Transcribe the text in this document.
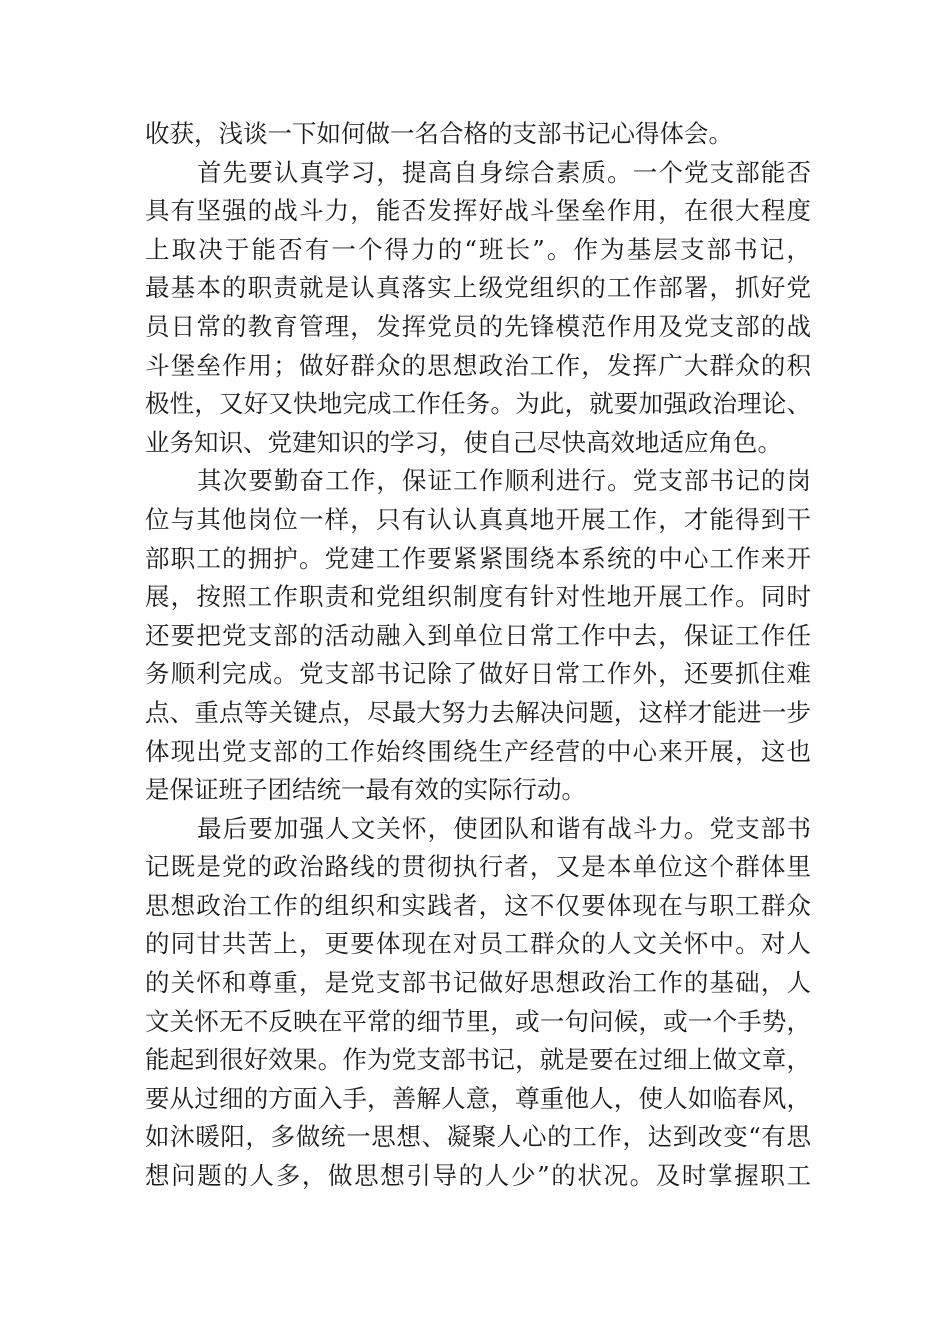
收获，浅谈一下如何做一名合格的支部书记心得体会。
首先要认真学习，提高自身综合素质。一个党支部能否
具有坚强的战斗力，能否发挥好战斗堡垒作用，在很大程度
上取决于能否有一个得力的“班长”。作为基层支部书记，
最基本的职责就是认真落实上级党组织的工作部署，抓好党
员日常的教育管理，发挥党员的先锋模范作用及党支部的战
斗堡垒作用；做好群众的思想政治工作，发挥广大群众的积
极性，又好又快地完成工作任务。为此，就要加强政治理论、
业务知识、党建知识的学习，使自己尽快高效地适应角色。
其次要勤奋工作，保证工作顺利进行。党支部书记的岗
位与其他岗位一样，只有认认真真地开展工作，才能得到干
部职工的拥护。党建工作要紧紧围绕本系统的中心工作来开
展，按照工作职责和党组织制度有针对性地开展工作。同时
还要把党支部的活动融入到单位日常工作中去，保证工作任
务顺利完成。党支部书记除了做好日常工作外，还要抓住难
点、重点等关键点，尽最大努力去解决问题，这样才能进一步
体现出党支部的工作始终围绕生产经营的中心来开展，这也
是保证班子团结统一最有效的实际行动。
最后要加强人文关怀，使团队和谐有战斗力。党支部书
记既是党的政治路线的贯彻执行者，又是本单位这个群体里
思想政治工作的组织和实践者，这不仅要体现在与职工群众
的同甘共苦上，更要体现在对员工群众的人文关怀中。对人
的关怀和尊重，是党支部书记做好思想政治工作的基础，人
文关怀无不反映在平常的细节里，或一句问候，或一个手势，
能起到很好效果。作为党支部书记，就是要在过细上做文章，
要从过细的方面入手，善解人意，尊重他人，使人如临春风，
如沐暖阳，多做统一思想、凝聚人心的工作，达到改变“有思
想问题的人多，做思想引导的人少”的状况。及时掌握职工
